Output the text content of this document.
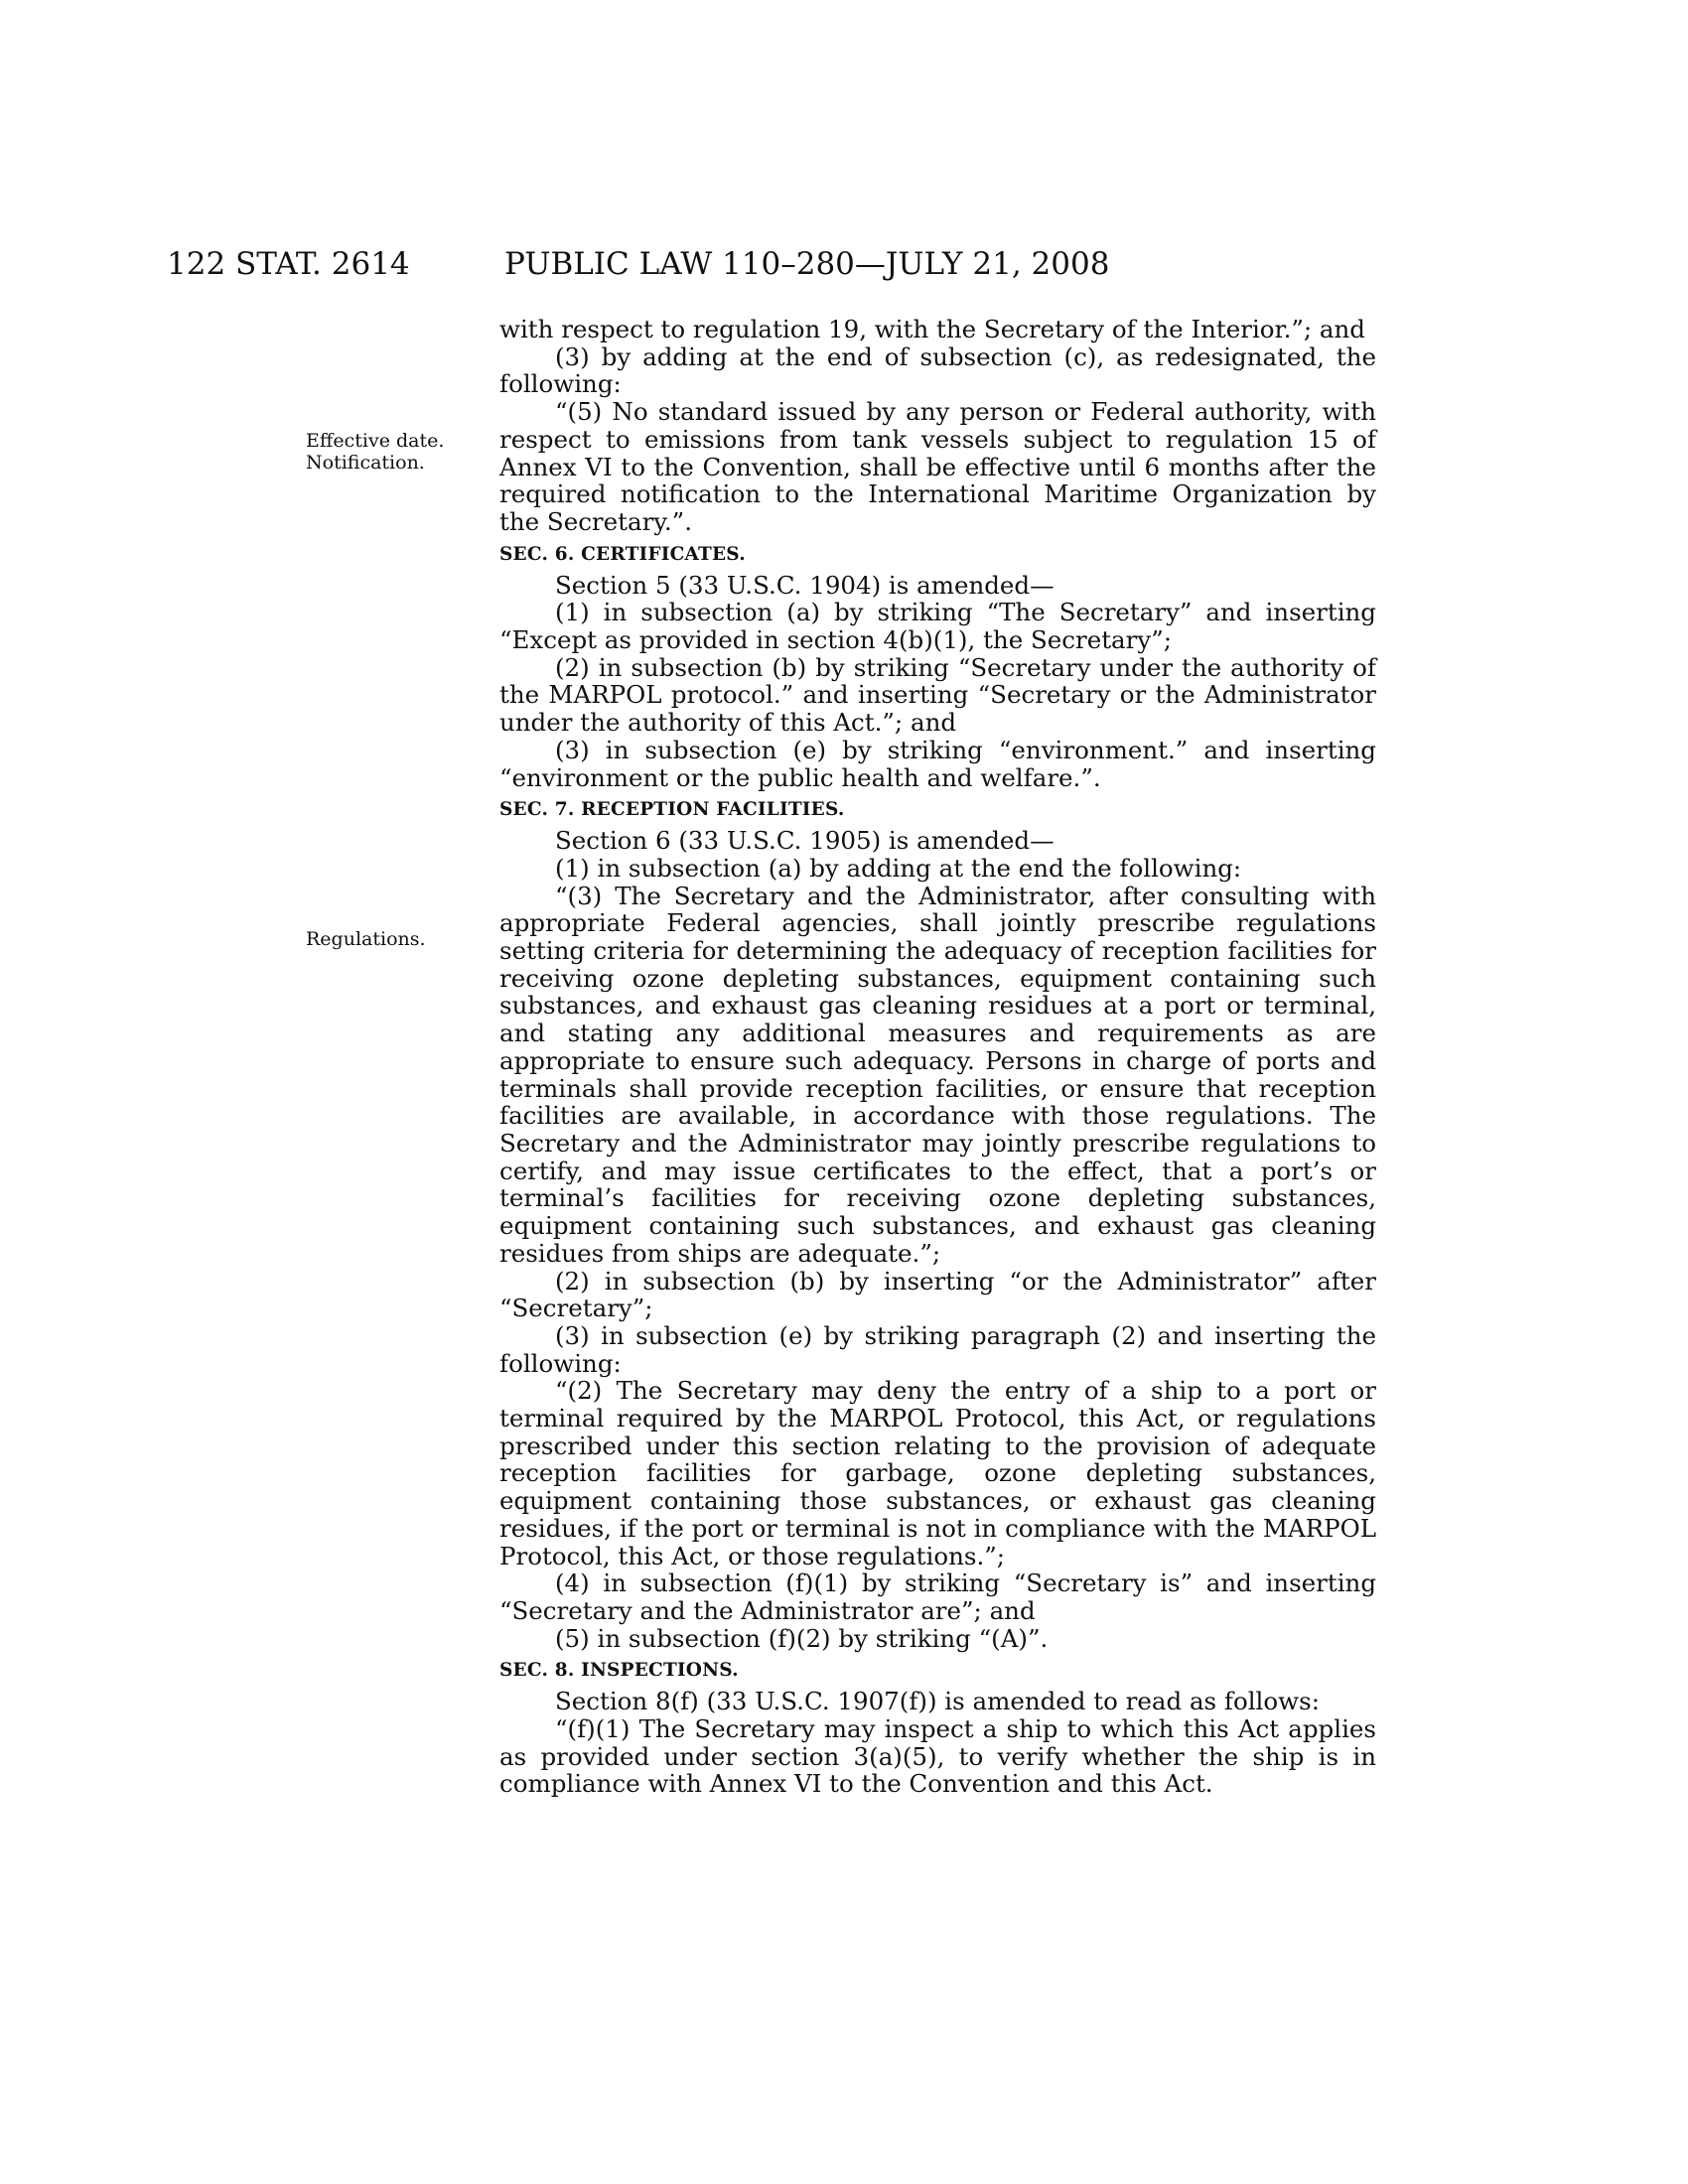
122 STAT. 2614	PUBLIC LAW 110–280—JULY 21, 2008
Effective date.
Notification.
Regulations.

with respect to regulation 19, with the Secretary of the Interior.”; and

(3) by adding at the end of subsection (c), as redesignated, the following:

“(5) No standard issued by any person or Federal authority, with respect to emissions from tank vessels subject to regulation 15 of Annex VI to the Convention, shall be effective until 6 months after the required notification to the International Maritime Organization by the Secretary.”.

SEC. 6. CERTIFICATES.

Section 5 (33 U.S.C. 1904) is amended—

(1) in subsection (a) by striking “The Secretary” and inserting “Except as provided in section 4(b)(1), the Secretary”;

(2) in subsection (b) by striking “Secretary under the authority of the MARPOL protocol.” and inserting “Secretary or the Administrator under the authority of this Act.”; and

(3) in subsection (e) by striking “environment.” and inserting “environment or the public health and welfare.”.

SEC. 7. RECEPTION FACILITIES.

Section 6 (33 U.S.C. 1905) is amended—

(1) in subsection (a) by adding at the end the following:

“(3) The Secretary and the Administrator, after consulting with appropriate Federal agencies, shall jointly prescribe regulations setting criteria for determining the adequacy of reception facilities for receiving ozone depleting substances, equipment containing such substances, and exhaust gas cleaning residues at a port or terminal, and stating any additional measures and requirements as are appropriate to ensure such adequacy. Persons in charge of ports and terminals shall provide reception facilities, or ensure that reception facilities are available, in accordance with those regulations. The Secretary and the Administrator may jointly prescribe regulations to certify, and may issue certificates to the effect, that a port’s or terminal’s facilities for receiving ozone depleting substances, equipment containing such substances, and exhaust gas cleaning residues from ships are adequate.”;

(2) in subsection (b) by inserting “or the Administrator” after “Secretary”;

(3) in subsection (e) by striking paragraph (2) and inserting the following:

“(2) The Secretary may deny the entry of a ship to a port or terminal required by the MARPOL Protocol, this Act, or regulations prescribed under this section relating to the provision of adequate reception facilities for garbage, ozone depleting substances, equipment containing those substances, or exhaust gas cleaning residues, if the port or terminal is not in compliance with the MARPOL Protocol, this Act, or those regulations.”;

(4) in subsection (f)(1) by striking “Secretary is” and inserting “Secretary and the Administrator are”; and

(5) in subsection (f)(2) by striking “(A)”.

SEC. 8. INSPECTIONS.

Section 8(f) (33 U.S.C. 1907(f)) is amended to read as follows:

“(f)(1) The Secretary may inspect a ship to which this Act applies as provided under section 3(a)(5), to verify whether the ship is in compliance with Annex VI to the Convention and this Act.
